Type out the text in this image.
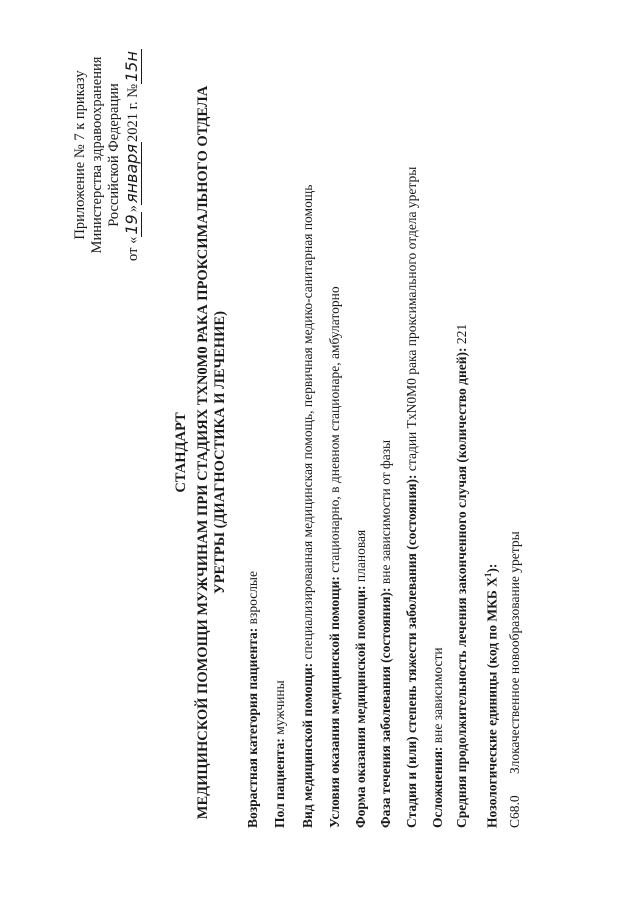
Приложение № 7 к приказу Министерства здравоохранения Российской Федерации
от «19»января2021 г. №15н
СТАНДАРТ МЕДИЦИНСКОЙ ПОМОЩИ МУЖЧИНАМ ПРИ СТАДИЯХ TXN0M0 РАКА ПРОКСИМАЛЬНОГО ОТДЕЛА УРЕТРЫ (ДИАГНОСТИКА И ЛЕЧЕНИЕ)
Возрастная категория пациента: взрослые
Пол пациента: мужчины Вид медицинской помощи: специализированная медицинская помощь, первичная медико-санитарная помощь
Условия оказания медицинской помощи: стационарно, в дневном стационаре, амбулаторно
Форма оказания медицинской помощи: плановая
Фаза течения заболевания (состояния): вне зависимости от фазы Стадия и (или) степень тяжести заболевания (состояния): стадии TxN0M0 рака проксимального отдела уретры
Осложнения: вне зависимости Средняя продолжительность лечения законченного случая (количество дней): 221
Нозологические единицы (код по МКБ $X^1$):
C68.0Злокачественное новообразование уретры
